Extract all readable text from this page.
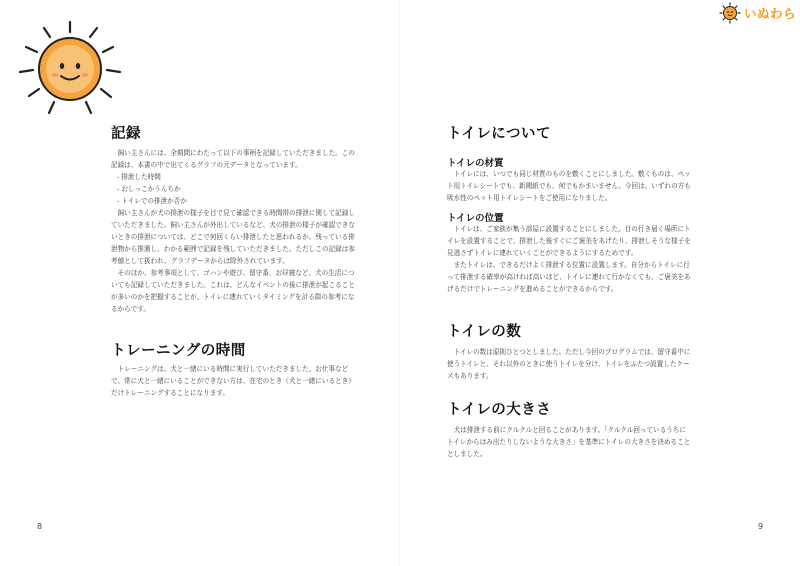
記録

飼い主さんには、全期間にわたって以下の事柄を記録していただきました。この記録は、本書の中で出てくるグラフの元データとなっています。

- 排泄した時間

- おしっこかうんちか

- トイレでの排泄か否か

飼い主さんが犬の排泄の様子を目で見て確認できる時間帯の排泄に関して記録していただきました。飼い主さんが外出しているなど、犬の排泄の様子が確認できないときの排泄については、どこで何回くらい排泄したと思われるか、残っている排泄物から推測し、わかる範囲で記録を残していただきました。ただしこの記録は参考値として扱われ、グラフデータからは除外されています。

そのほか、参考事項として、ゴハンや遊び、留守番、お昼寝など、犬の生活についても記録していただきました。これは、どんなイベントの後に排泄が起こることが多いのかを把握することが、トイレに連れていくタイミングを計る際の参考になるからです。

トレーニングの時間

トレーニングは、犬と一緒にいる時間に実行していただきました。お仕事などで、常に犬と一緒にいることができない方は、在宅のとき（犬と一緒にいるとき）だけトレーニングすることになります。

8
いぬわら
トイレについて
トイレの材質

トイレには、いつでも同じ材質のものを敷くことにしました。敷くものは、ペット用トイレシートでも、新聞紙でも、何でもかまいません。今回は、いずれの方も吸水性のペット用トイレシートをご使用になりました。

トイレの位置

トイレは、ご家族が集う部屋に設置することにしました。目の行き届く場所にトイレを設置することで、排泄した後すぐにご褒美をあげたり、排泄しそうな様子を見逃さずトイレに連れていくことができるようにするためです。

またトイレは、できるだけよく排泄する位置に設置します。自分からトイレに行って排泄する確率が高ければ高いほど、トイレに連れて行かなくても、ご褒美をあげるだけでトレーニングを進めることができるからです。

トイレの数

トイレの数は原則ひとつとしました。ただし今回のプログラムでは、留守番中に使うトイレと、それ以外のときに使うトイレを分け、トイレをふたつ設置したケースもあります。

トイレの大きさ

犬は排泄する前にクルクルと回ることがあります。「クルクル回っているうちにトイレからはみ出たりしないような大きさ」を基準にトイレの大きさを決めることとしました。

9
